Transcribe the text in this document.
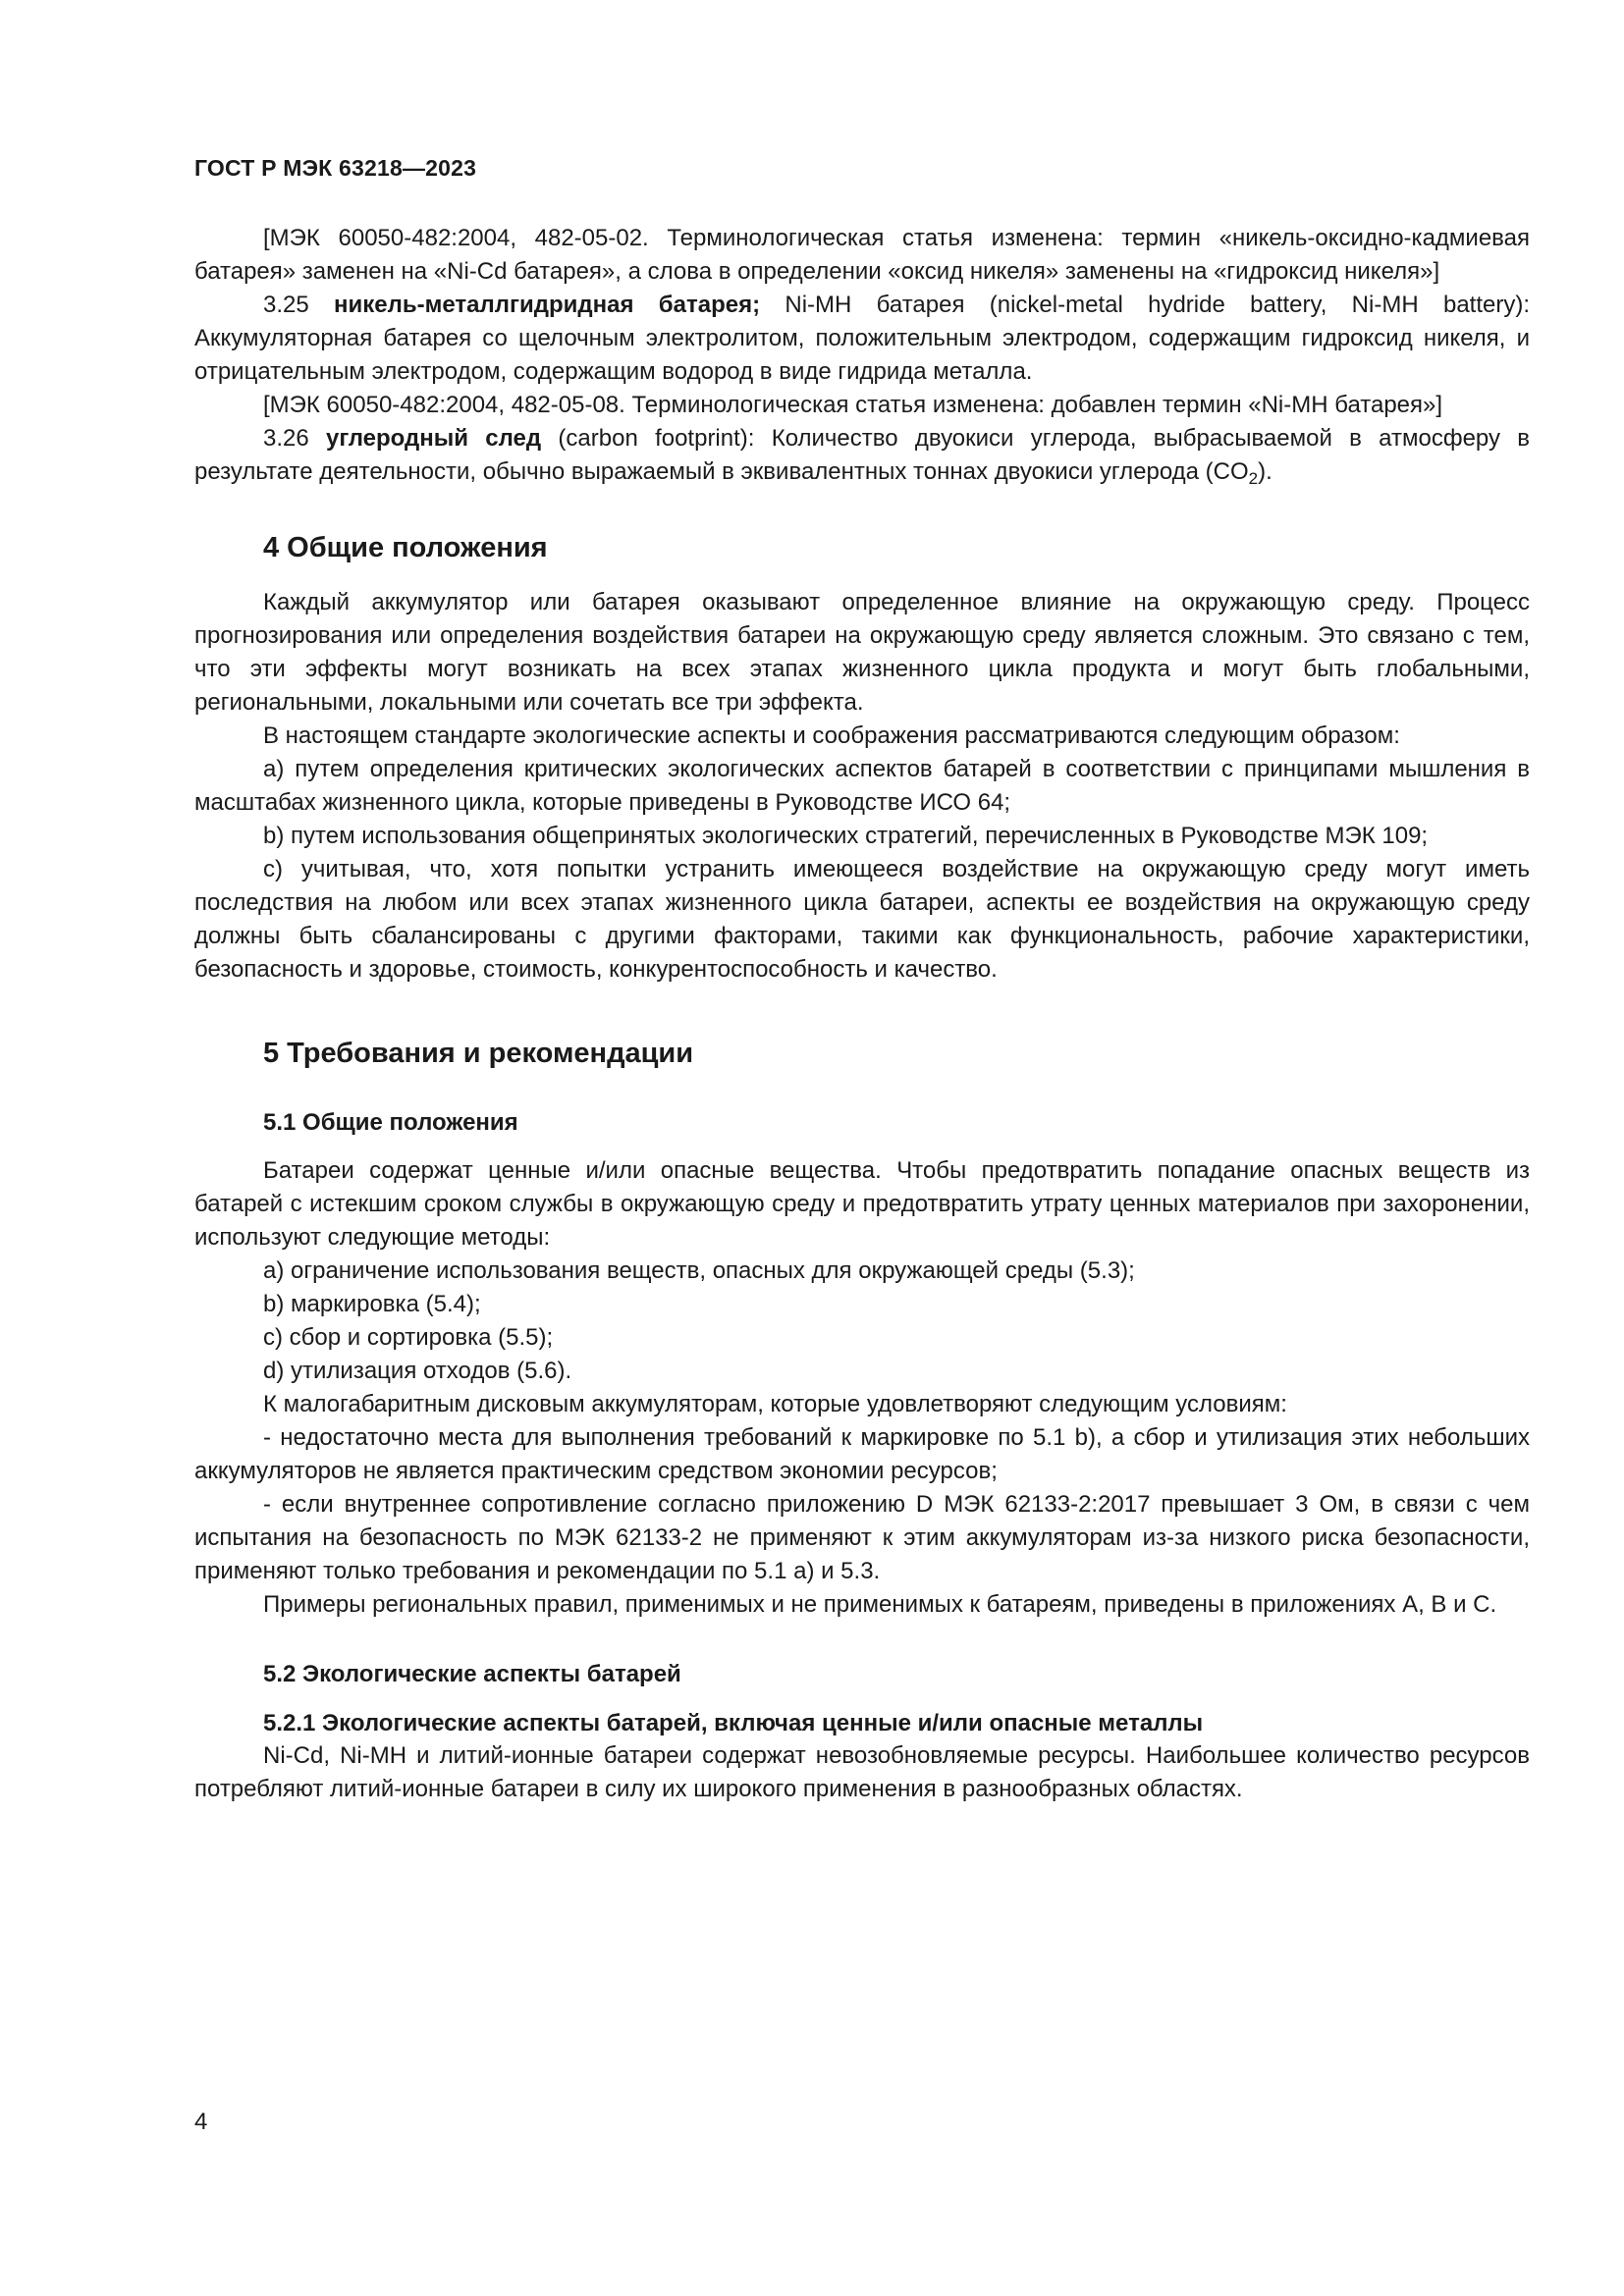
ГОСТ Р МЭК 63218—2023

[МЭК 60050-482:2004, 482-05-02. Терминологическая статья изменена: термин «никель-оксидно-кадмиевая батарея» заменен на «Ni-Cd батарея», а слова в определении «оксид никеля» заменены на «гидроксид никеля»]

3.25 никель-металлгидридная батарея; Ni-MH батарея (nickel-metal hydride battery, Ni-MH battery): Аккумуляторная батарея со щелочным электролитом, положительным электродом, содержащим гидроксид никеля, и отрицательным электродом, содержащим водород в виде гидрида металла.

[МЭК 60050-482:2004, 482-05-08. Терминологическая статья изменена: добавлен термин «Ni-MH батарея»]

3.26 углеродный след (carbon footprint): Количество двуокиси углерода, выбрасываемой в атмосферу в результате деятельности, обычно выражаемый в эквивалентных тоннах двуокиси углерода $(CO_2)$.

4 Общие положения

Каждый аккумулятор или батарея оказывают определенное влияние на окружающую среду. Процесс прогнозирования или определения воздействия батареи на окружающую среду является сложным. Это связано с тем, что эти эффекты могут возникать на всех этапах жизненного цикла продукта и могут быть глобальными, региональными, локальными или сочетать все три эффекта.

В настоящем стандарте экологические аспекты и соображения рассматриваются следующим образом:

a) путем определения критических экологических аспектов батарей в соответствии с принципами мышления в масштабах жизненного цикла, которые приведены в Руководстве ИСО 64;

b) путем использования общепринятых экологических стратегий, перечисленных в Руководстве МЭК 109;

c) учитывая, что, хотя попытки устранить имеющееся воздействие на окружающую среду могут иметь последствия на любом или всех этапах жизненного цикла батареи, аспекты ее воздействия на окружающую среду должны быть сбалансированы с другими факторами, такими как функциональность, рабочие характеристики, безопасность и здоровье, стоимость, конкурентоспособность и качество.

5 Требования и рекомендации
5.1 Общие положения

Батареи содержат ценные и/или опасные вещества. Чтобы предотвратить попадание опасных веществ из батарей с истекшим сроком службы в окружающую среду и предотвратить утрату ценных материалов при захоронении, используют следующие методы:

a) ограничение использования веществ, опасных для окружающей среды (5.3);

b) маркировка (5.4);

c) сбор и сортировка (5.5);

d) утилизация отходов (5.6).

К малогабаритным дисковым аккумуляторам, которые удовлетворяют следующим условиям:

- недостаточно места для выполнения требований к маркировке по 5.1 b), а сбор и утилизация этих небольших аккумуляторов не является практическим средством экономии ресурсов;

- если внутреннее сопротивление согласно приложению D МЭК 62133-2:2017 превышает 3 Ом, в связи с чем испытания на безопасность по МЭК 62133-2 не применяют к этим аккумуляторам из-за низкого риска безопасности, применяют только требования и рекомендации по 5.1 a) и 5.3.

Примеры региональных правил, применимых и не применимых к батареям, приведены в приложениях A, B и C.

5.2 Экологические аспекты батарей
5.2.1 Экологические аспекты батарей, включая ценные и/или опасные металлы

Ni-Cd, Ni-MH и литий-ионные батареи содержат невозобновляемые ресурсы. Наибольшее количество ресурсов потребляют литий-ионные батареи в силу их широкого применения в разнообразных областях.

4
